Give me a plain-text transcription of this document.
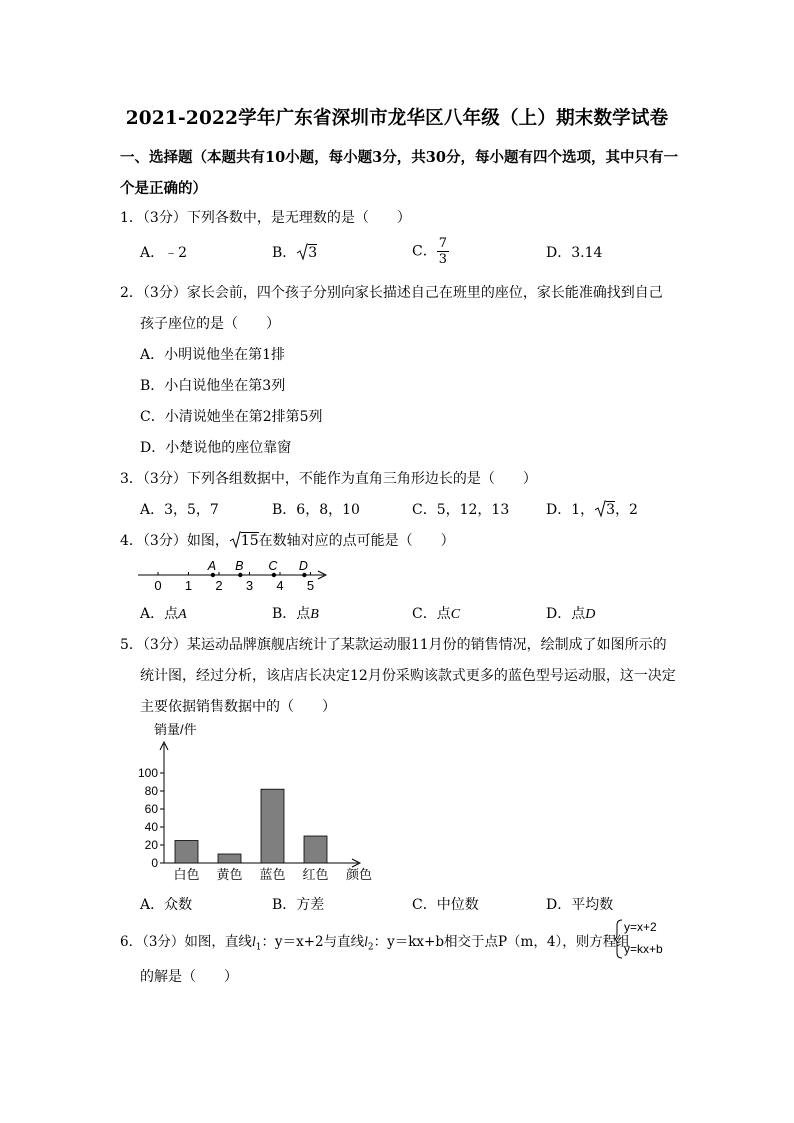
2021-2022学年广东省深圳市龙华区八年级（上）期末数学试卷
一、选择题（本题共有10小题，每小题3分，共30分，每小题有四个选项，其中只有一
个是正确的）
1．（3分）下列各数中，是无理数的是（　　）
A．﹣2	B． 3	C． $\frac{7}{3}$	D．3.14
2．（3分）家长会前，四个孩子分别向家长描述自己在班里的座位，家长能准确找到自己
孩子座位的是（　　）
A．小明说他坐在第1排
B．小白说他坐在第3列
C．小清说她坐在第2排第5列
D．小楚说他的座位靠窗
3．（3分）下列各组数据中，不能作为直角三角形边长的是（　　）
A．3，5，7	B．6，8，10	C．5，12，13	D．1， 3，2
4．（3分）如图， 15在数轴对应的点可能是（　　）
0 1 2 3 4 5
A B C D
A．点A	B．点B	C．点C	D．点D
5．（3分）某运动品牌旗舰店统计了某款运动服11月份的销售情况，绘制成了如图所示的
统计图，经过分析，该店店长决定12月份采购该款式更多的蓝色型号运动服，这一决定
主要依据销售数据中的（　　）
销量/件
0
20
40
60
80
100
白色 黄色 蓝色 红色 颜色
A．众数	B．方差	C．中位数	D．平均数
6．（3分）如图，直线$l_1$：y＝x+2与直线$l_2$：y＝kx+b相交于点P（m，4），则方程组
y=x+2
y=kx+b
的解是（　　）
